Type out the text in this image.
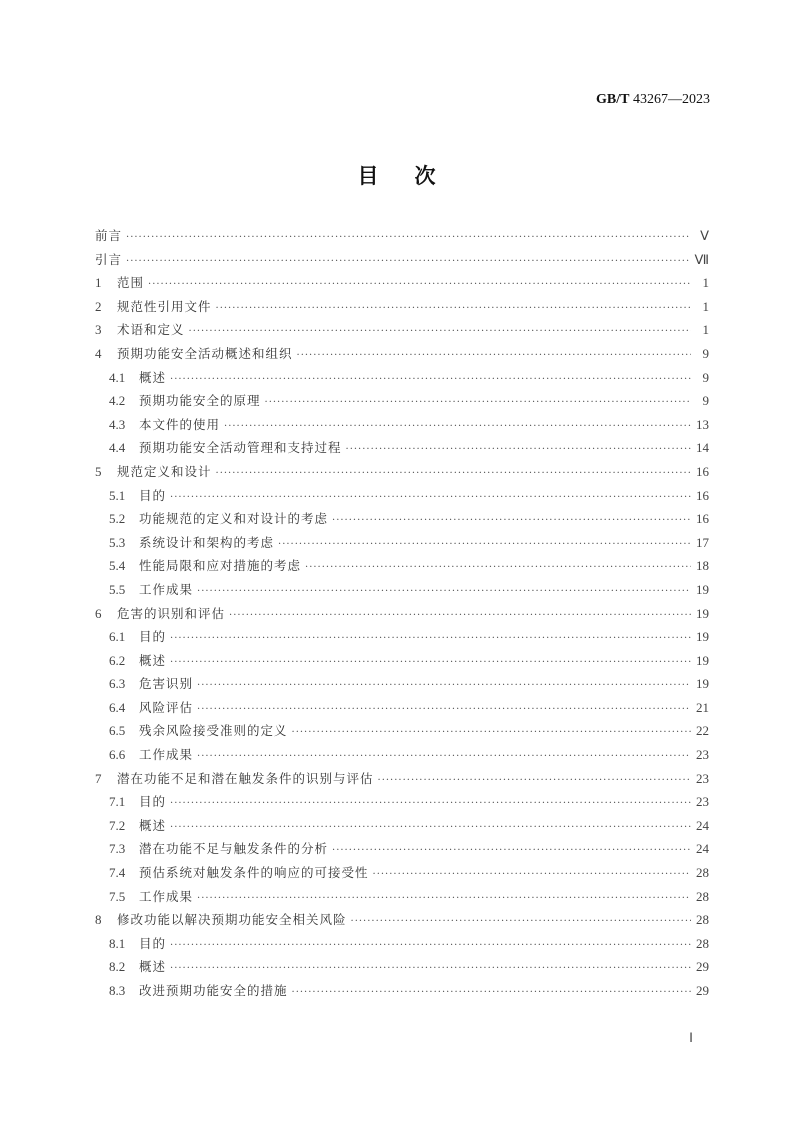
GB/T 43267—2023
目次
前言 ·····	Ⅴ
引言 ·····	Ⅶ
1	范围 ·····	1
2	规范性引用文件 ·····	1
3	术语和定义 ·····	1
4	预期功能安全活动概述和组织 ·····	9
4.1	概述 ·····	9
4.2	预期功能安全的原理 ·····	9
4.3	本文件的使用 ·····	13
4.4	预期功能安全活动管理和支持过程 ·····	14
5	规范定义和设计 ·····	16
5.1	目的 ·····	16
5.2	功能规范的定义和对设计的考虑 ·····	16
5.3	系统设计和架构的考虑 ·····	17
5.4	性能局限和应对措施的考虑 ·····	18
5.5	工作成果 ·····	19
6	危害的识别和评估 ·····	19
6.1	目的 ·····	19
6.2	概述 ·····	19
6.3	危害识别 ·····	19
6.4	风险评估 ·····	21
6.5	残余风险接受准则的定义 ·····	22
6.6	工作成果 ·····	23
7	潜在功能不足和潜在触发条件的识别与评估 ·····	23
7.1	目的 ·····	23
7.2	概述 ·····	24
7.3	潜在功能不足与触发条件的分析 ·····	24
7.4	预估系统对触发条件的响应的可接受性 ·····	28
7.5	工作成果 ·····	28
8	修改功能以解决预期功能安全相关风险 ·····	28
8.1	目的 ·····	28
8.2	概述 ·····	29
8.3	改进预期功能安全的措施 ·····	29
Ⅰ
